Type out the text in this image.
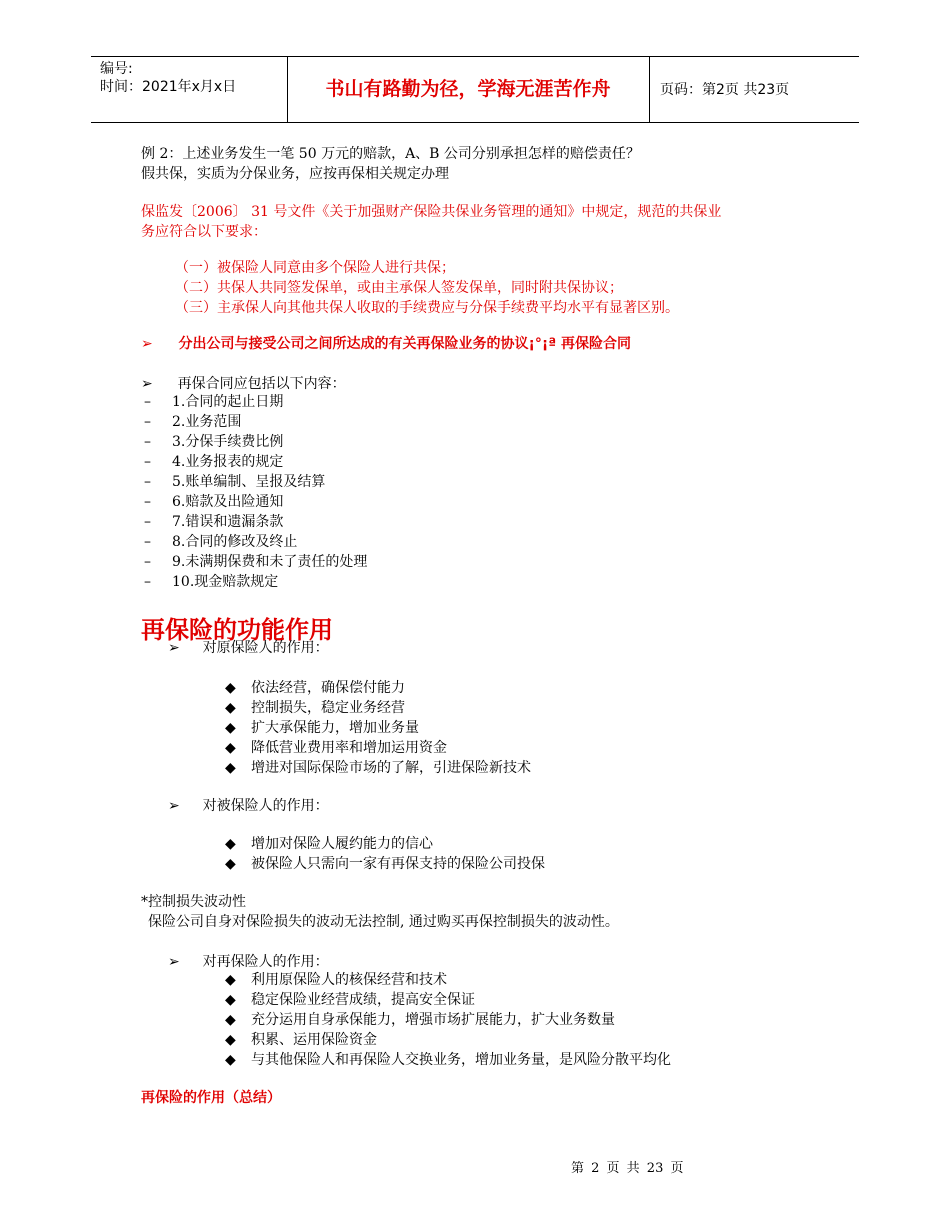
编号:
时间：2021年x月x日	书山有路勤为径，学海无涯苦作舟	页码：第2页 共23页
例 2：上述业务发生一笔 50 万元的赔款，A、B 公司分别承担怎样的赔偿责任？
假共保，实质为分保业务，应按再保相关规定办理
保监发〔2006〕 31 号文件《关于加强财产保险共保业务管理的通知》中规定，规范的共保业
务应符合以下要求：
（一）被保险人同意由多个保险人进行共保；
（二）共保人共同签发保单，或由主承保人签发保单，同时附共保协议；
（三）主承保人向其他共保人收取的手续费应与分保手续费平均水平有显著区别。
➢ 分出公司与接受公司之间所达成的有关再保险业务的协议¡°¡ª 再保险合同
➢ 再保合同应包括以下内容：
– 1.合同的起止日期
– 2.业务范围
– 3.分保手续费比例
– 4.业务报表的规定
– 5.账单编制、呈报及结算
– 6.赔款及出险通知
– 7.错误和遗漏条款
– 8.合同的修改及终止
– 9.未满期保费和未了责任的处理
– 10.现金赔款规定
再保险的功能作用
➢ 对原保险人的作用：
◆ 依法经营，确保偿付能力
◆ 控制损失，稳定业务经营
◆ 扩大承保能力，增加业务量
◆ 降低营业费用率和增加运用资金
◆ 增进对国际保险市场的了解，引进保险新技术
➢ 对被保险人的作用：
◆ 增加对保险人履约能力的信心
◆ 被保险人只需向一家有再保支持的保险公司投保
*控制损失波动性
保险公司自身对保险损失的波动无法控制, 通过购买再保控制损失的波动性。
➢ 对再保险人的作用：
◆ 利用原保险人的核保经营和技术
◆ 稳定保险业经营成绩，提高安全保证
◆ 充分运用自身承保能力，增强市场扩展能力，扩大业务数量
◆ 积累、运用保险资金
◆ 与其他保险人和再保险人交换业务，增加业务量，是风险分散平均化
再保险的作用（总结）
第 2 页 共 23 页
